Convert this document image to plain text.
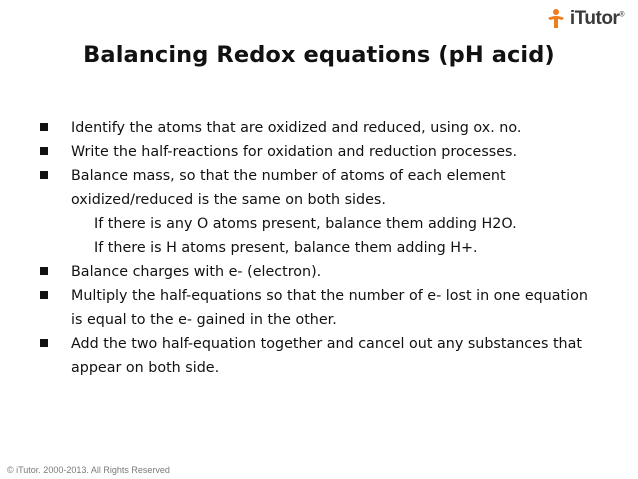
iTutor®
Balancing Redox equations (pH acid)
Identify the atoms that are oxidized and reduced, using ox. no.
Write the half-reactions for oxidation and reduction processes.
Balance mass, so that the number of atoms of each element oxidized/reduced is the same on both sides.
If there is any O atoms present, balance them adding H2O.
If there is H atoms present, balance them adding H+.
Balance charges with e- (electron).
Multiply the half-equations so that the number of e- lost in one equation is equal to the e- gained in the other.
Add the two half-equation together and cancel out any substances that appear on both side.
© iTutor. 2000-2013. All Rights Reserved
